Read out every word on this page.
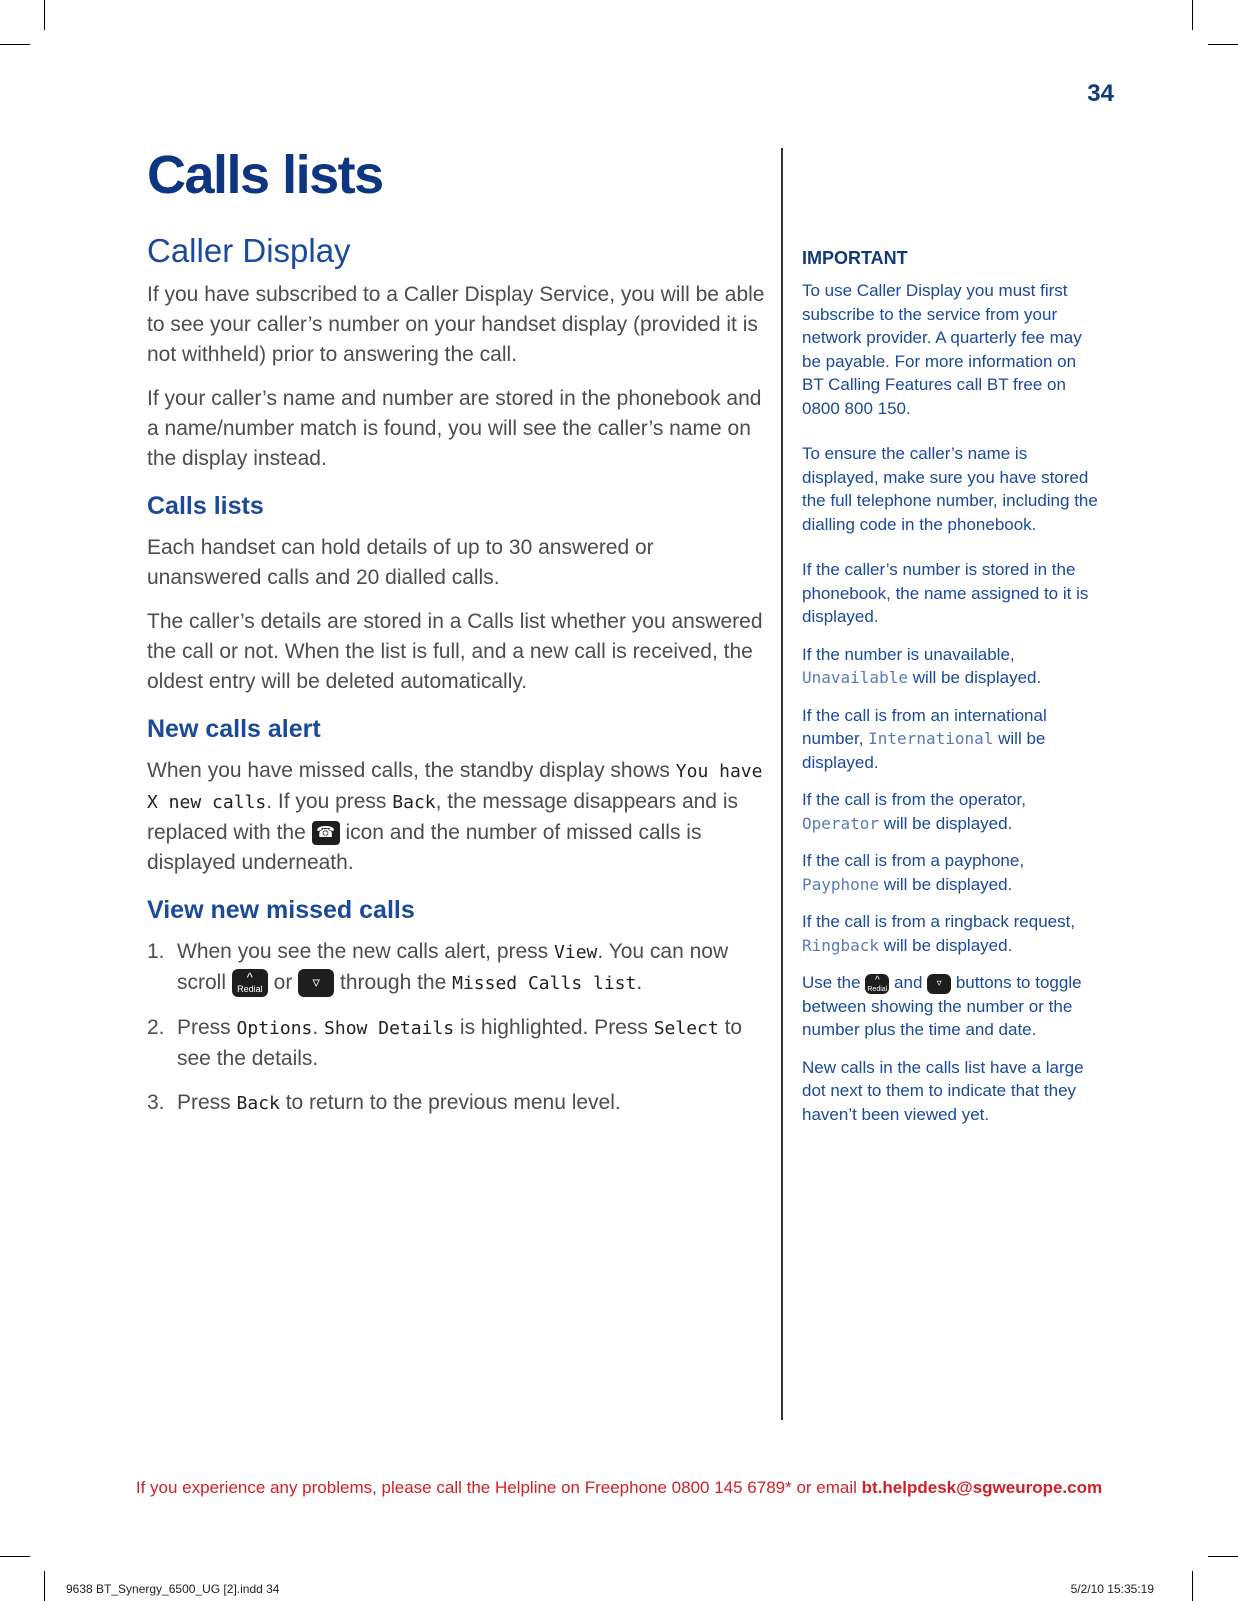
34
Calls lists
Caller Display

If you have subscribed to a Caller Display Service, you will be able to see your caller’s number on your handset display (provided it is not withheld) prior to answering the call.

If your caller’s name and number are stored in the phonebook and a name/number match is found, you will see the caller’s name on the display instead.

Calls lists

Each handset can hold details of up to 30 answered or unanswered calls and 20 dialled calls.

The caller’s details are stored in a Calls list whether you answered the call or not. When the list is full, and a new call is received, the oldest entry will be deleted automatically.

New calls alert

When you have missed calls, the standby display shows You have X new calls. If you press Back, the message disappears and is replaced with the ☎ icon and the number of missed calls is displayed underneath.

View new missed calls
1. When you see the new calls alert, press View. You can now scroll	^
Redial or ▿ through the Missed Calls list.
2. Press Options. Show Details is highlighted. Press Select to see the details.
3. Press Back to return to the previous menu level.
IMPORTANT

To use Caller Display you must first subscribe to the service from your network provider. A quarterly fee may be payable. For more information on BT Calling Features call BT free on 0800 800 150.

To ensure the caller’s name is displayed, make sure you have stored the full telephone number, including the dialling code in the phonebook.

If the caller’s number is stored in the phonebook, the name assigned to it is displayed.

If the number is unavailable, Unavailable will be displayed.

If the call is from an international number, International will be displayed.

If the call is from the operator, Operator will be displayed.

If the call is from a payphone, Payphone will be displayed.

If the call is from a ringback request, Ringback will be displayed.

Use the ^
Redial and ▿ buttons to toggle between showing the number or the number plus the time and date.

New calls in the calls list have a large dot next to them to indicate that they haven’t been viewed yet.

If you experience any problems, please call the Helpline on Freephone 0800 145 6789* or email bt.helpdesk@sgweurope.com
9638 BT_Synergy_6500_UG [2].indd 34	5/2/10 15:35:19
